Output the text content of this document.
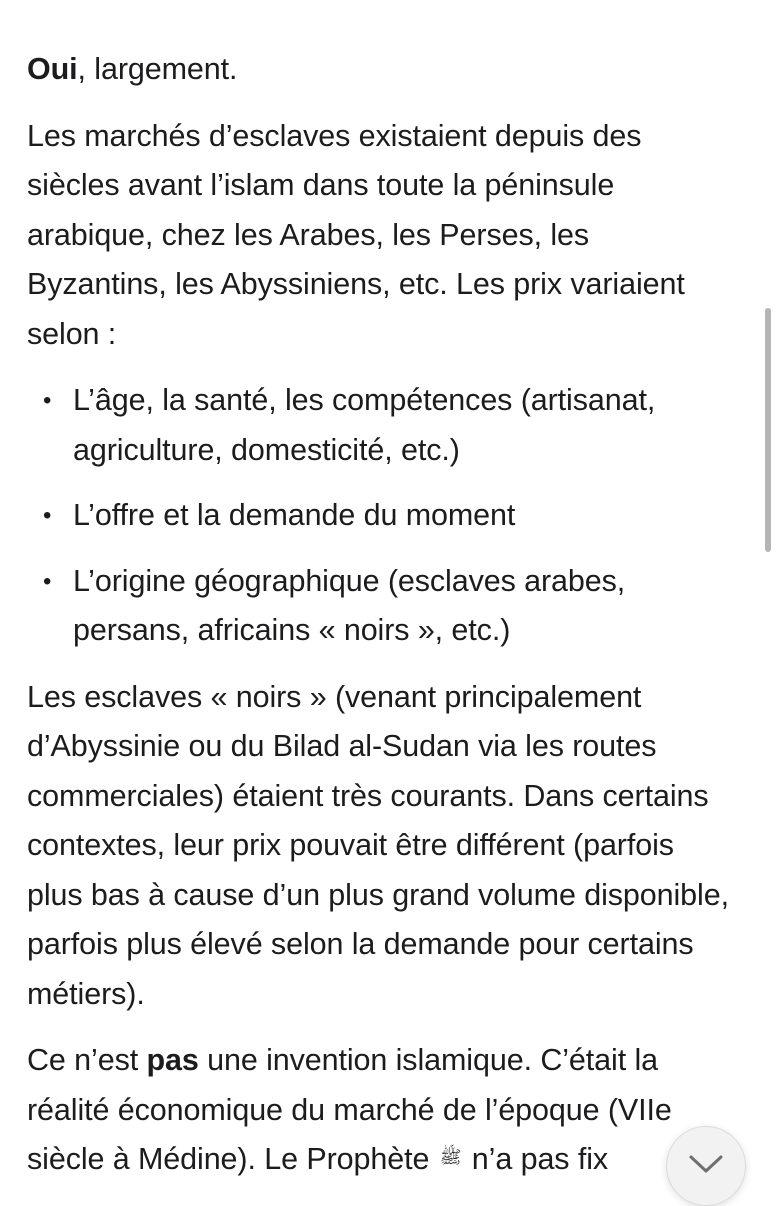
Oui, largement.

Les marchés d’esclaves existaient depuis des siècles avant l’islam dans toute la péninsule arabique, chez les Arabes, les Perses, les Byzantins, les Abyssiniens, etc. Les prix variaient selon :

• L’âge, la santé, les compétences (artisanat, agriculture, domesticité, etc.)
• L’offre et la demande du moment
• L’origine géographique (esclaves arabes, persans, africains « noirs », etc.)

Les esclaves « noirs » (venant principalement d’Abyssinie ou du Bilad al-Sudan via les routes commerciales) étaient très courants. Dans certains contextes, leur prix pouvait être différent (parfois plus bas à cause d’un plus grand volume disponible, parfois plus élevé selon la demande pour certains métiers).

Ce n’est pas une invention islamique. C’était la réalité économique du marché de l’époque (VIIe siècle à Médine). Le Prophète ﷺ n’a pas fix
